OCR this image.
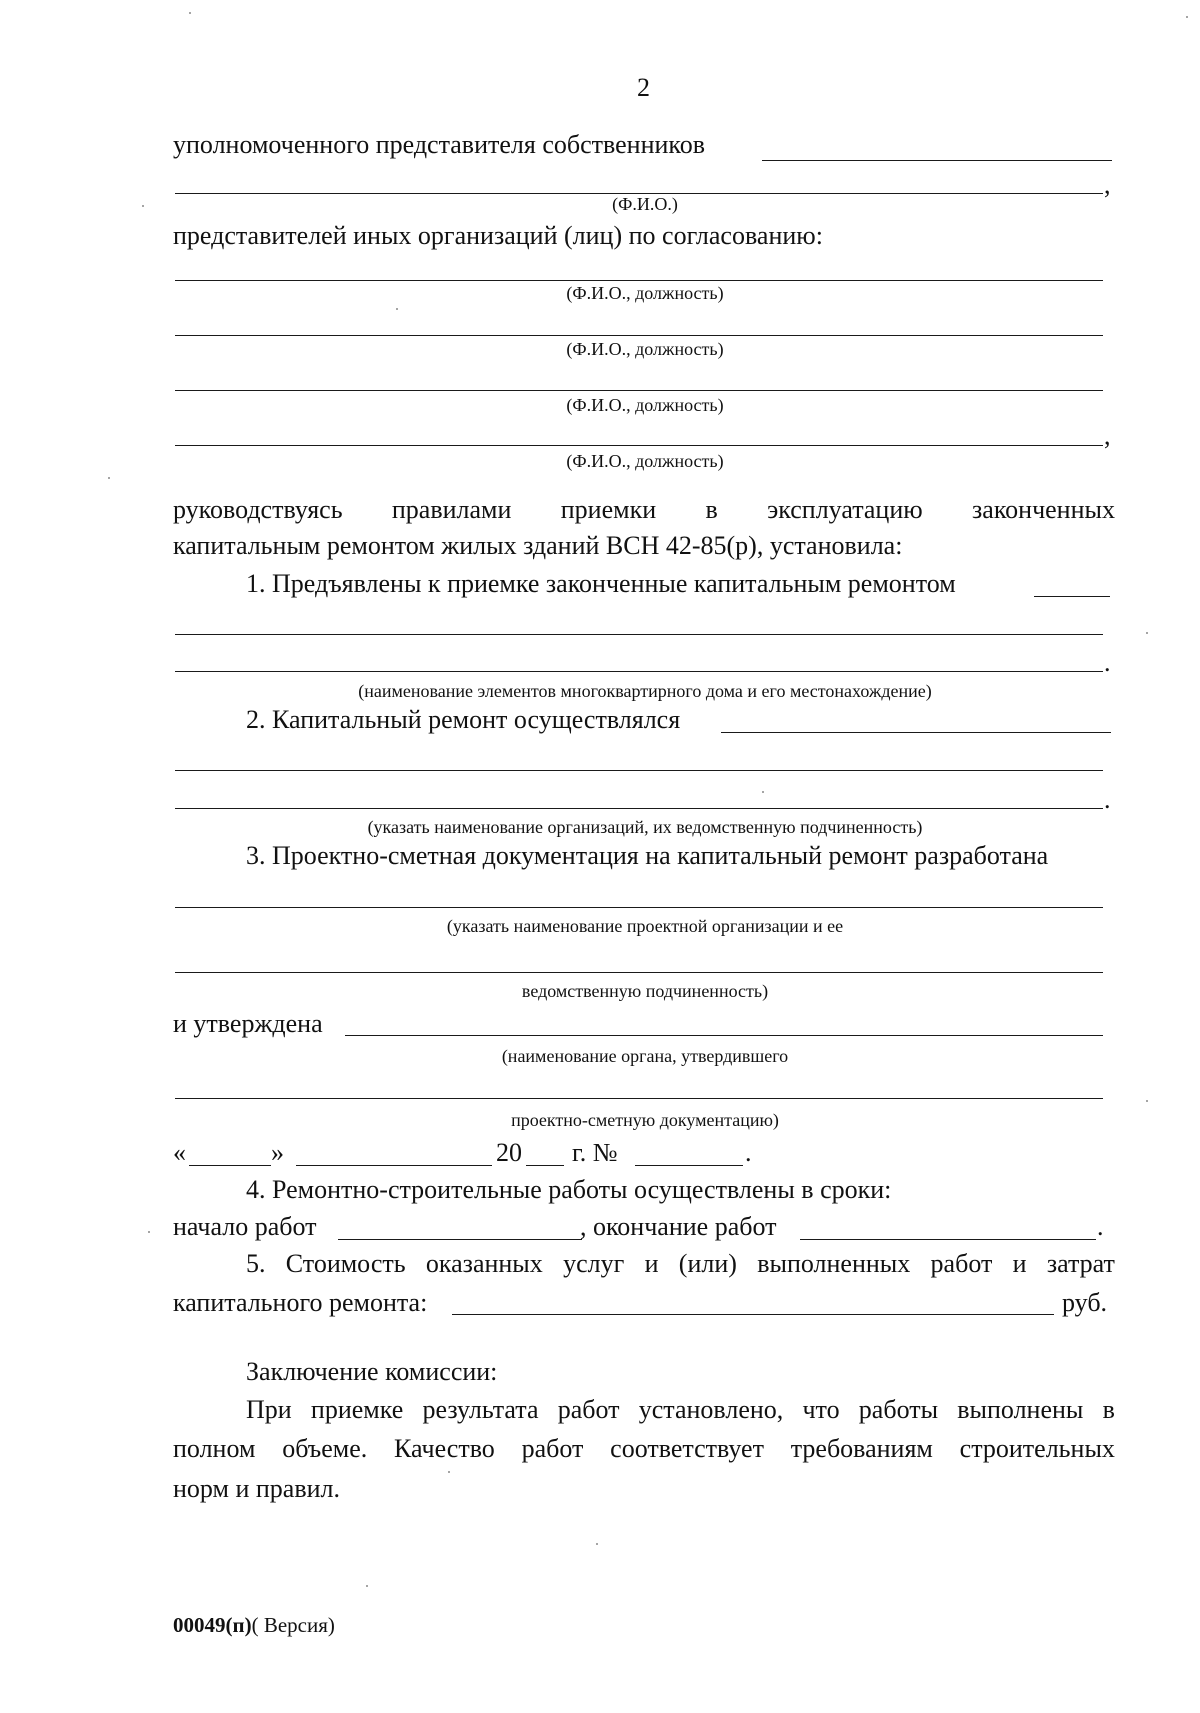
2
уполномоченного представителя собственников
,
(Ф.И.О.)
представителей иных организаций (лиц) по согласованию:
(Ф.И.О., должность)
(Ф.И.О., должность)
(Ф.И.О., должность)
,
(Ф.И.О., должность)
руководствуясь правилами приемки в эксплуатацию законченных
капитальным ремонтом жилых зданий ВСН 42-85(р), установила:
1. Предъявлены к приемке законченные капитальным ремонтом
.
(наименование элементов многоквартирного дома и его местонахождение)
2. Капитальный ремонт осуществлялся
.
(указать наименование организаций, их ведомственную подчиненность)
3. Проектно-сметная документация на капитальный ремонт разработана
(указать наименование проектной организации и ее
ведомственную подчиненность)
и утверждена
(наименование органа, утвердившего
проектно-сметную документацию)
«	»	20 г. №	.
4. Ремонтно-строительные работы осуществлены в сроки:
начало работ	, окончание работ	.
5. Стоимость оказанных услуг и (или) выполненных работ и затрат
капитального ремонта:	руб.
Заключение комиссии:
При приемке результата работ установлено, что работы выполнены в
полном объеме. Качество работ соответствует требованиям строительных
норм и правил.
00049(п)( Версия)
